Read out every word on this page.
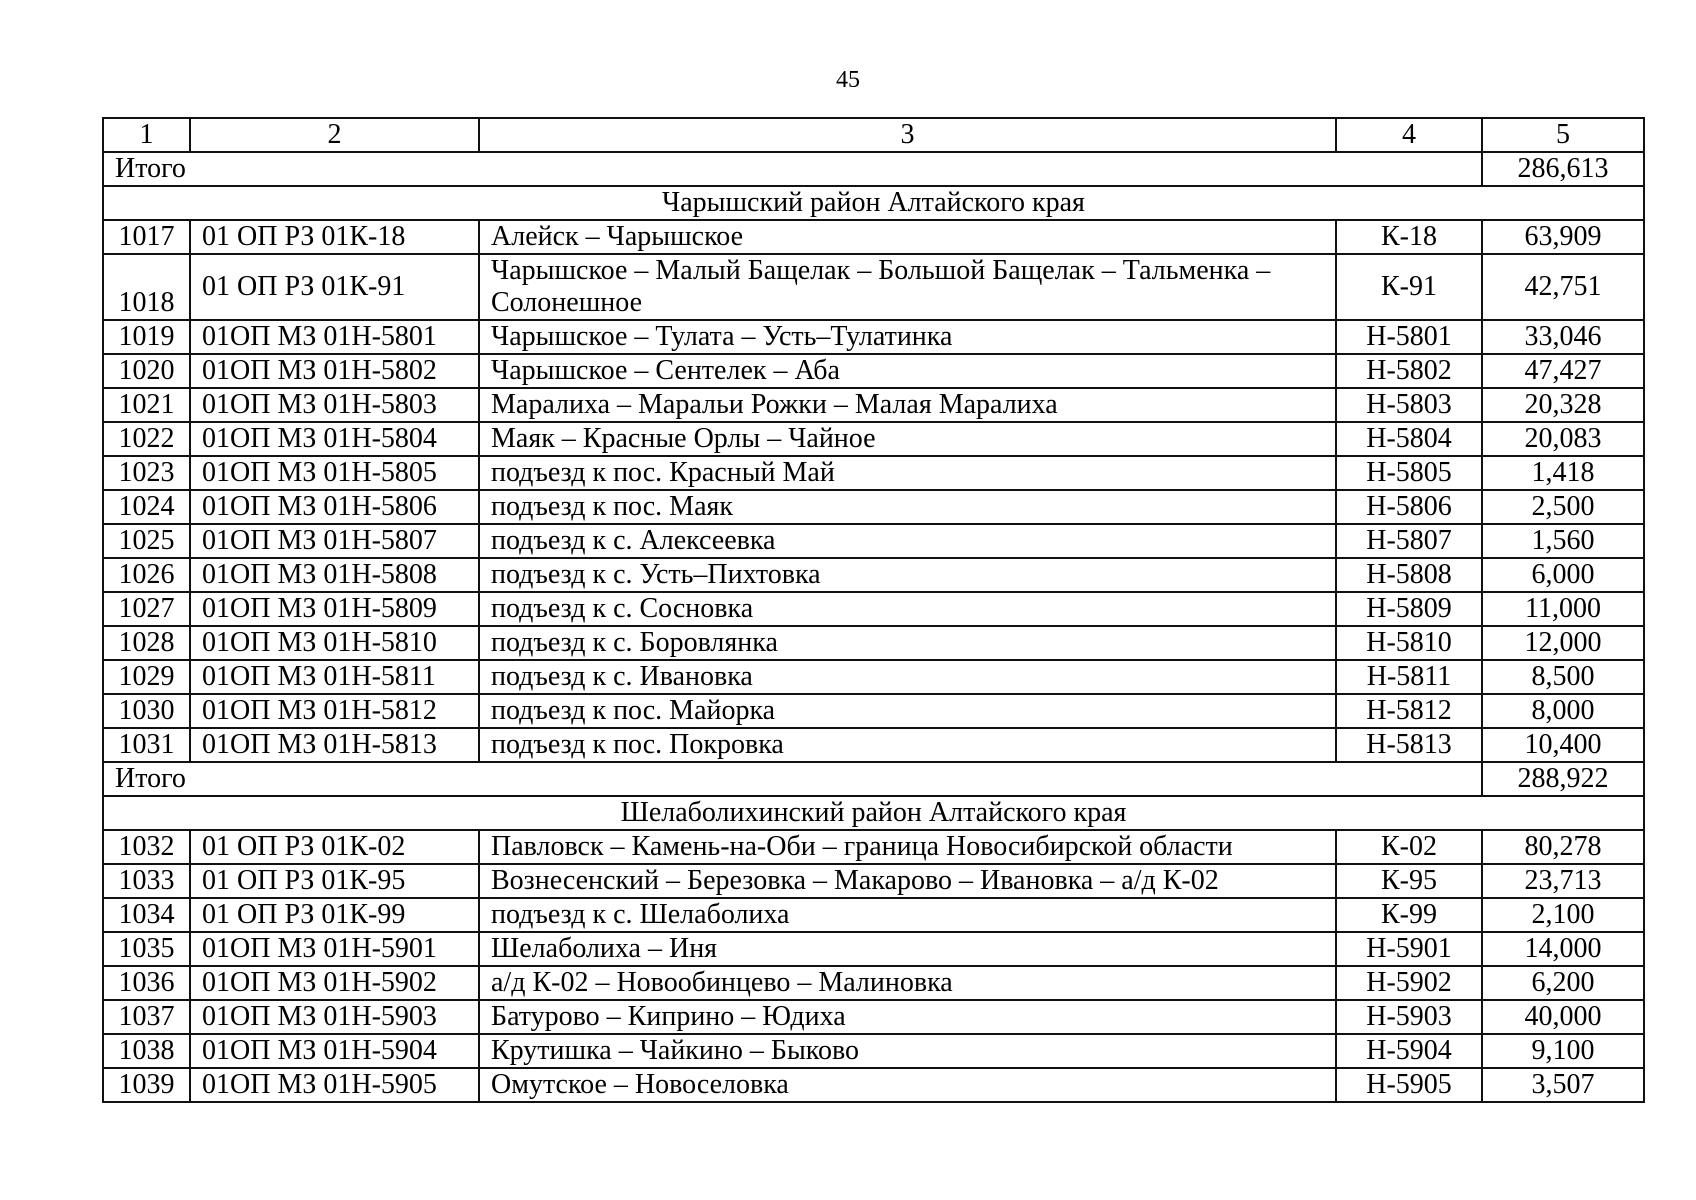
45
1	2	3	4	5
Итого				286,613
Чарышский район Алтайского края				
1017	01 ОП РЗ 01К-18	Алейск – Чарышское	К-18	63,909
1018	01 ОП РЗ 01К-91	Чарышское – Малый Бащелак – Большой Бащелак – Тальменка – Солонешное	К-91	42,751
1019	01ОП МЗ 01Н-5801	Чарышское – Тулата – Усть–Тулатинка	Н-5801	33,046
1020	01ОП МЗ 01Н-5802	Чарышское – Сентелек – Аба	Н-5802	47,427
1021	01ОП МЗ 01Н-5803	Маралиха – Маральи Рожки – Малая Маралиха	Н-5803	20,328
1022	01ОП МЗ 01Н-5804	Маяк – Красные Орлы – Чайное	Н-5804	20,083
1023	01ОП МЗ 01Н-5805	подъезд к пос. Красный Май	Н-5805	1,418
1024	01ОП МЗ 01Н-5806	подъезд к пос. Маяк	Н-5806	2,500
1025	01ОП МЗ 01Н-5807	подъезд к с. Алексеевка	Н-5807	1,560
1026	01ОП МЗ 01Н-5808	подъезд к с. Усть–Пихтовка	Н-5808	6,000
1027	01ОП МЗ 01Н-5809	подъезд к с. Сосновка	Н-5809	11,000
1028	01ОП МЗ 01Н-5810	подъезд к с. Боровлянка	Н-5810	12,000
1029	01ОП МЗ 01Н-5811	подъезд к с. Ивановка	Н-5811	8,500
1030	01ОП МЗ 01Н-5812	подъезд к пос. Майорка	Н-5812	8,000
1031	01ОП МЗ 01Н-5813	подъезд к пос. Покровка	Н-5813	10,400
Итого				288,922
Шелаболихинский район Алтайского края				
1032	01 ОП РЗ 01К-02	Павловск – Камень-на-Оби – граница Новосибирской области	К-02	80,278
1033	01 ОП РЗ 01К-95	Вознесенский – Березовка – Макарово – Ивановка – а/д К-02	К-95	23,713
1034	01 ОП РЗ 01К-99	подъезд к с. Шелаболиха	К-99	2,100
1035	01ОП МЗ 01Н-5901	Шелаболиха – Иня	Н-5901	14,000
1036	01ОП МЗ 01Н-5902	а/д К-02 – Новообинцево – Малиновка	Н-5902	6,200
1037	01ОП МЗ 01Н-5903	Батурово – Киприно – Юдиха	Н-5903	40,000
1038	01ОП МЗ 01Н-5904	Крутишка – Чайкино – Быково	Н-5904	9,100
1039	01ОП МЗ 01Н-5905	Омутское – Новоселовка	Н-5905	3,507
